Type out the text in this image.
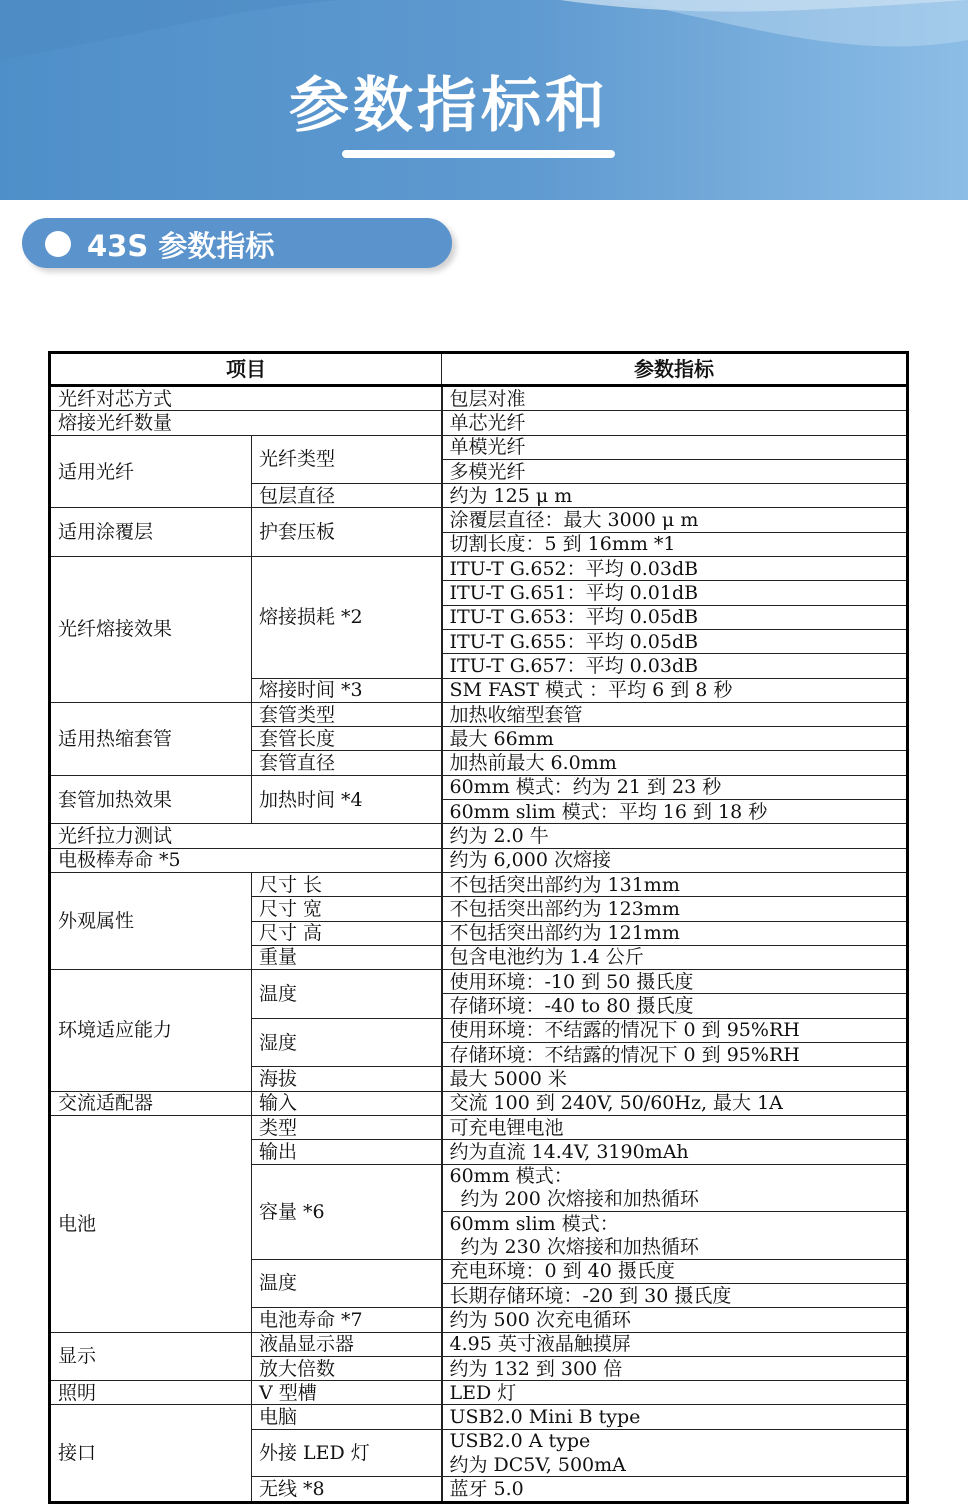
参数指标和
43S 参数指标
项目		参数指标
光纤对芯方式		包层对准
熔接光纤数量		单芯光纤
适用光纤	光纤类型	单模光纤
		多模光纤
	包层直径	约为 125 μ m
适用涂覆层	护套压板	涂覆层直径：最大 3000 μ m
		切割长度：5 到 16mm *1
光纤熔接效果	熔接损耗 *2	ITU-T G.652：平均 0.03dB
		ITU-T G.651：平均 0.01dB
		ITU-T G.653：平均 0.05dB
		ITU-T G.655：平均 0.05dB
		ITU-T G.657：平均 0.03dB
	熔接时间 *3	SM FAST 模式 ：平均 6 到 8 秒
适用热缩套管	套管类型	加热收缩型套管
	套管长度	最大 66mm
	套管直径	加热前最大 6.0mm
套管加热效果	加热时间 *4	60mm 模式：约为 21 到 23 秒
		60mm slim 模式：平均 16 到 18 秒
光纤拉力测试		约为 2.0 牛
电极棒寿命 *5		约为 6,000 次熔接
外观属性	尺寸 长	不包括突出部约为 131mm
	尺寸 宽	不包括突出部约为 123mm
	尺寸 高	不包括突出部约为 121mm
	重量	包含电池约为 1.4 公斤
环境适应能力	温度	使用环境：-10 到 50 摄氏度
		存储环境：-40 to 80 摄氏度
	湿度	使用环境：不结露的情况下 0 到 95%RH
		存储环境：不结露的情况下 0 到 95%RH
	海拔	最大 5000 米
交流适配器	输入	交流 100 到 240V, 50/60Hz, 最大 1A
电池	类型	可充电锂电池
	输出	约为直流 14.4V, 3190mAh
	容量 *6	60mm 模式：
		约为 200 次熔接和加热循环
		60mm slim 模式：
		约为 230 次熔接和加热循环
	温度	充电环境：0 到 40 摄氏度
		长期存储环境：-20 到 30 摄氏度
	电池寿命 *7	约为 500 次充电循环
显示	液晶显示器	4.95 英寸液晶触摸屏
	放大倍数	约为 132 到 300 倍
照明	V 型槽	LED 灯
接口	电脑	USB2.0 Mini B type
	外接 LED 灯	USB2.0 A type
		约为 DC5V, 500mA
	无线 *8	蓝牙 5.0
